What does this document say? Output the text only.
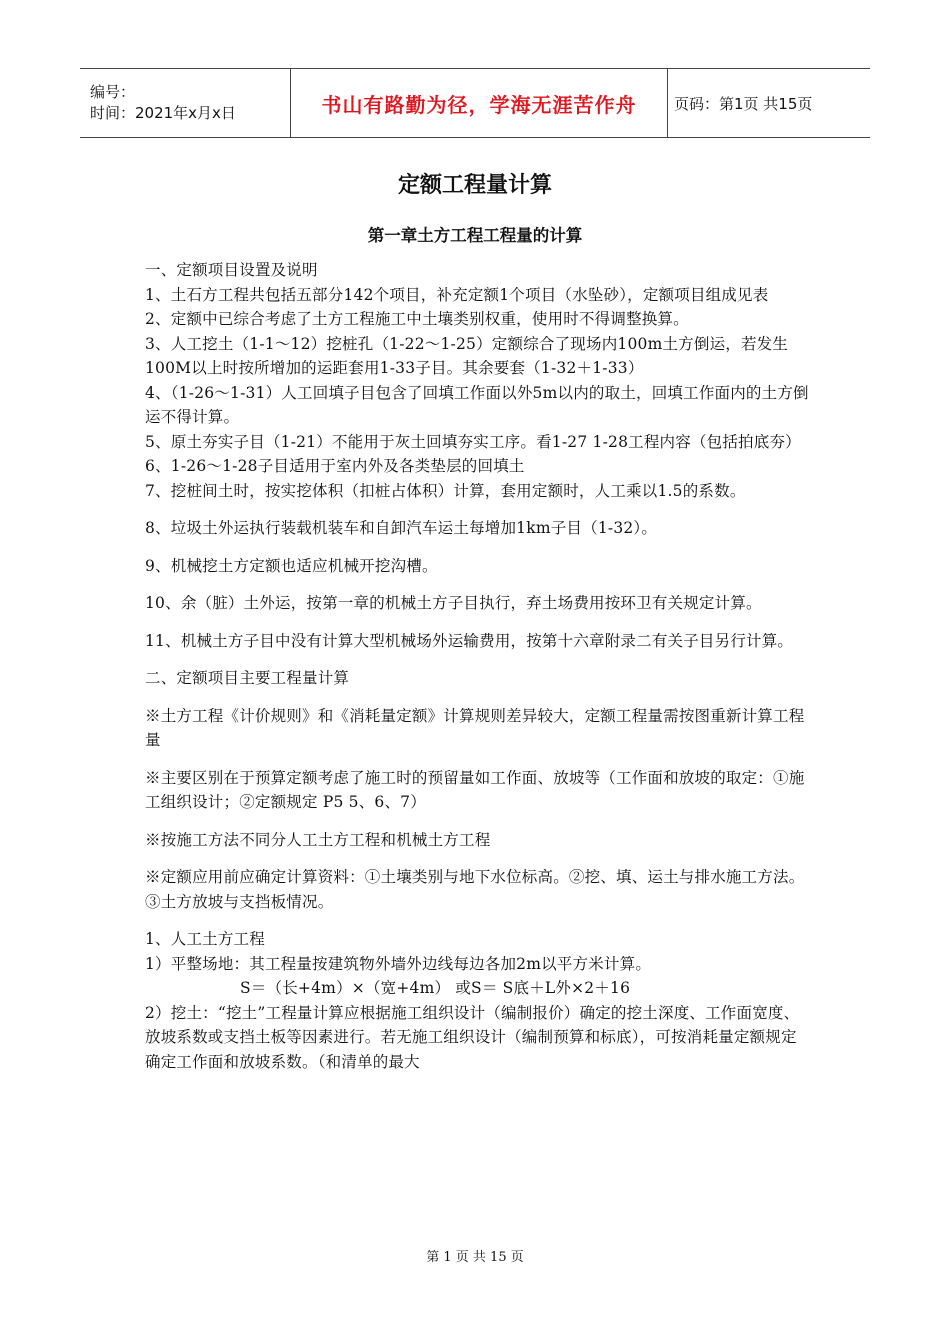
编号：
时间：2021年x月x日	书山有路勤为径，学海无涯苦作舟	页码：第1页 共15页
定额工程量计算
第一章土方工程工程量的计算

一、定额项目设置及说明

1、土石方工程共包括五部分142个项目，补充定额1个项目（水坠砂），定额项目组成见表

2、定额中已综合考虑了土方工程施工中土壤类别权重，使用时不得调整换算。

3、人工挖土（1-1～12）挖桩孔（1-22～1-25）定额综合了现场内100m土方倒运，若发生100M以上时按所增加的运距套用1-33子目。其余要套（1-32＋1-33）

4、（1-26～1-31）人工回填子目包含了回填工作面以外5m以内的取土，回填工作面内的土方倒运不得计算。

5、原土夯实子目（1-21）不能用于灰土回填夯实工序。看1-27 1-28工程内容（包括拍底夯）

6、1-26～1-28子目适用于室内外及各类垫层的回填土

7、挖桩间土时，按实挖体积（扣桩占体积）计算，套用定额时，人工乘以1.5的系数。

8、垃圾土外运执行装载机装车和自卸汽车运土每增加1km子目（1-32）。

9、机械挖土方定额也适应机械开挖沟槽。

10、余（脏）土外运，按第一章的机械土方子目执行，弃土场费用按环卫有关规定计算。

11、机械土方子目中没有计算大型机械场外运输费用，按第十六章附录二有关子目另行计算。

二、定额项目主要工程量计算

※土方工程《计价规则》和《消耗量定额》计算规则差异较大，定额工程量需按图重新计算工程量

※主要区别在于预算定额考虑了施工时的预留量如工作面、放坡等（工作面和放坡的取定：①施工组织设计；②定额规定 P5 5、6、7）

※按施工方法不同分人工土方工程和机械土方工程

※定额应用前应确定计算资料：①土壤类别与地下水位标高。②挖、填、运土与排水施工方法。③土方放坡与支挡板情况。

1、人工土方工程

1）平整场地：其工程量按建筑物外墙外边线每边各加2m以平方米计算。

S＝（长+4m）×（宽+4m） 或S＝ S底＋L外×2＋16

2）挖土：“挖土”工程量计算应根据施工组织设计（编制报价）确定的挖土深度、工作面宽度、放坡系数或支挡土板等因素进行。若无施工组织设计（编制预算和标底），可按消耗量定额规定确定工作面和放坡系数。（和清单的最大

第 1 页 共 15 页
